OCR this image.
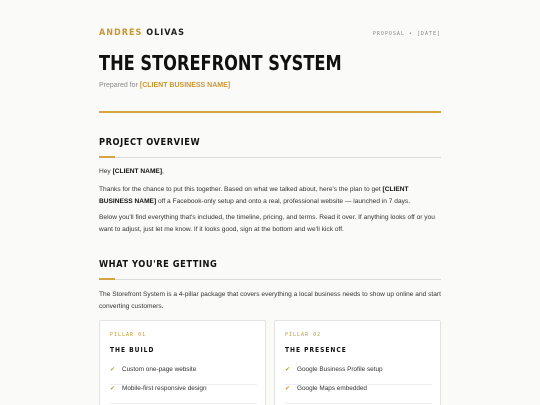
ANDRES OLIVAS	PROPOSAL • [DATE]
THE STOREFRONT SYSTEM
Prepared for [CLIENT BUSINESS NAME]
PROJECT OVERVIEW
Hey [CLIENT NAME],
Thanks for the chance to put this together. Based on what we talked about, here's the plan to get [CLIENT BUSINESS NAME] off a Facebook-only setup and onto a real, professional website — launched in 7 days.
Below you'll find everything that's included, the timeline, pricing, and terms. Read it over. If anything looks off or you want to adjust, just let me know. If it looks good, sign at the bottom and we'll kick off.
WHAT YOU'RE GETTING
The Storefront System is a 4-pillar package that covers everything a local business needs to show up online and start converting customers.
PILLAR 01
THE BUILD
✔ Custom one-page website
✔ Mobile-first responsive design
PILLAR 02
THE PRESENCE
✔ Google Business Profile setup
✔ Google Maps embedded
